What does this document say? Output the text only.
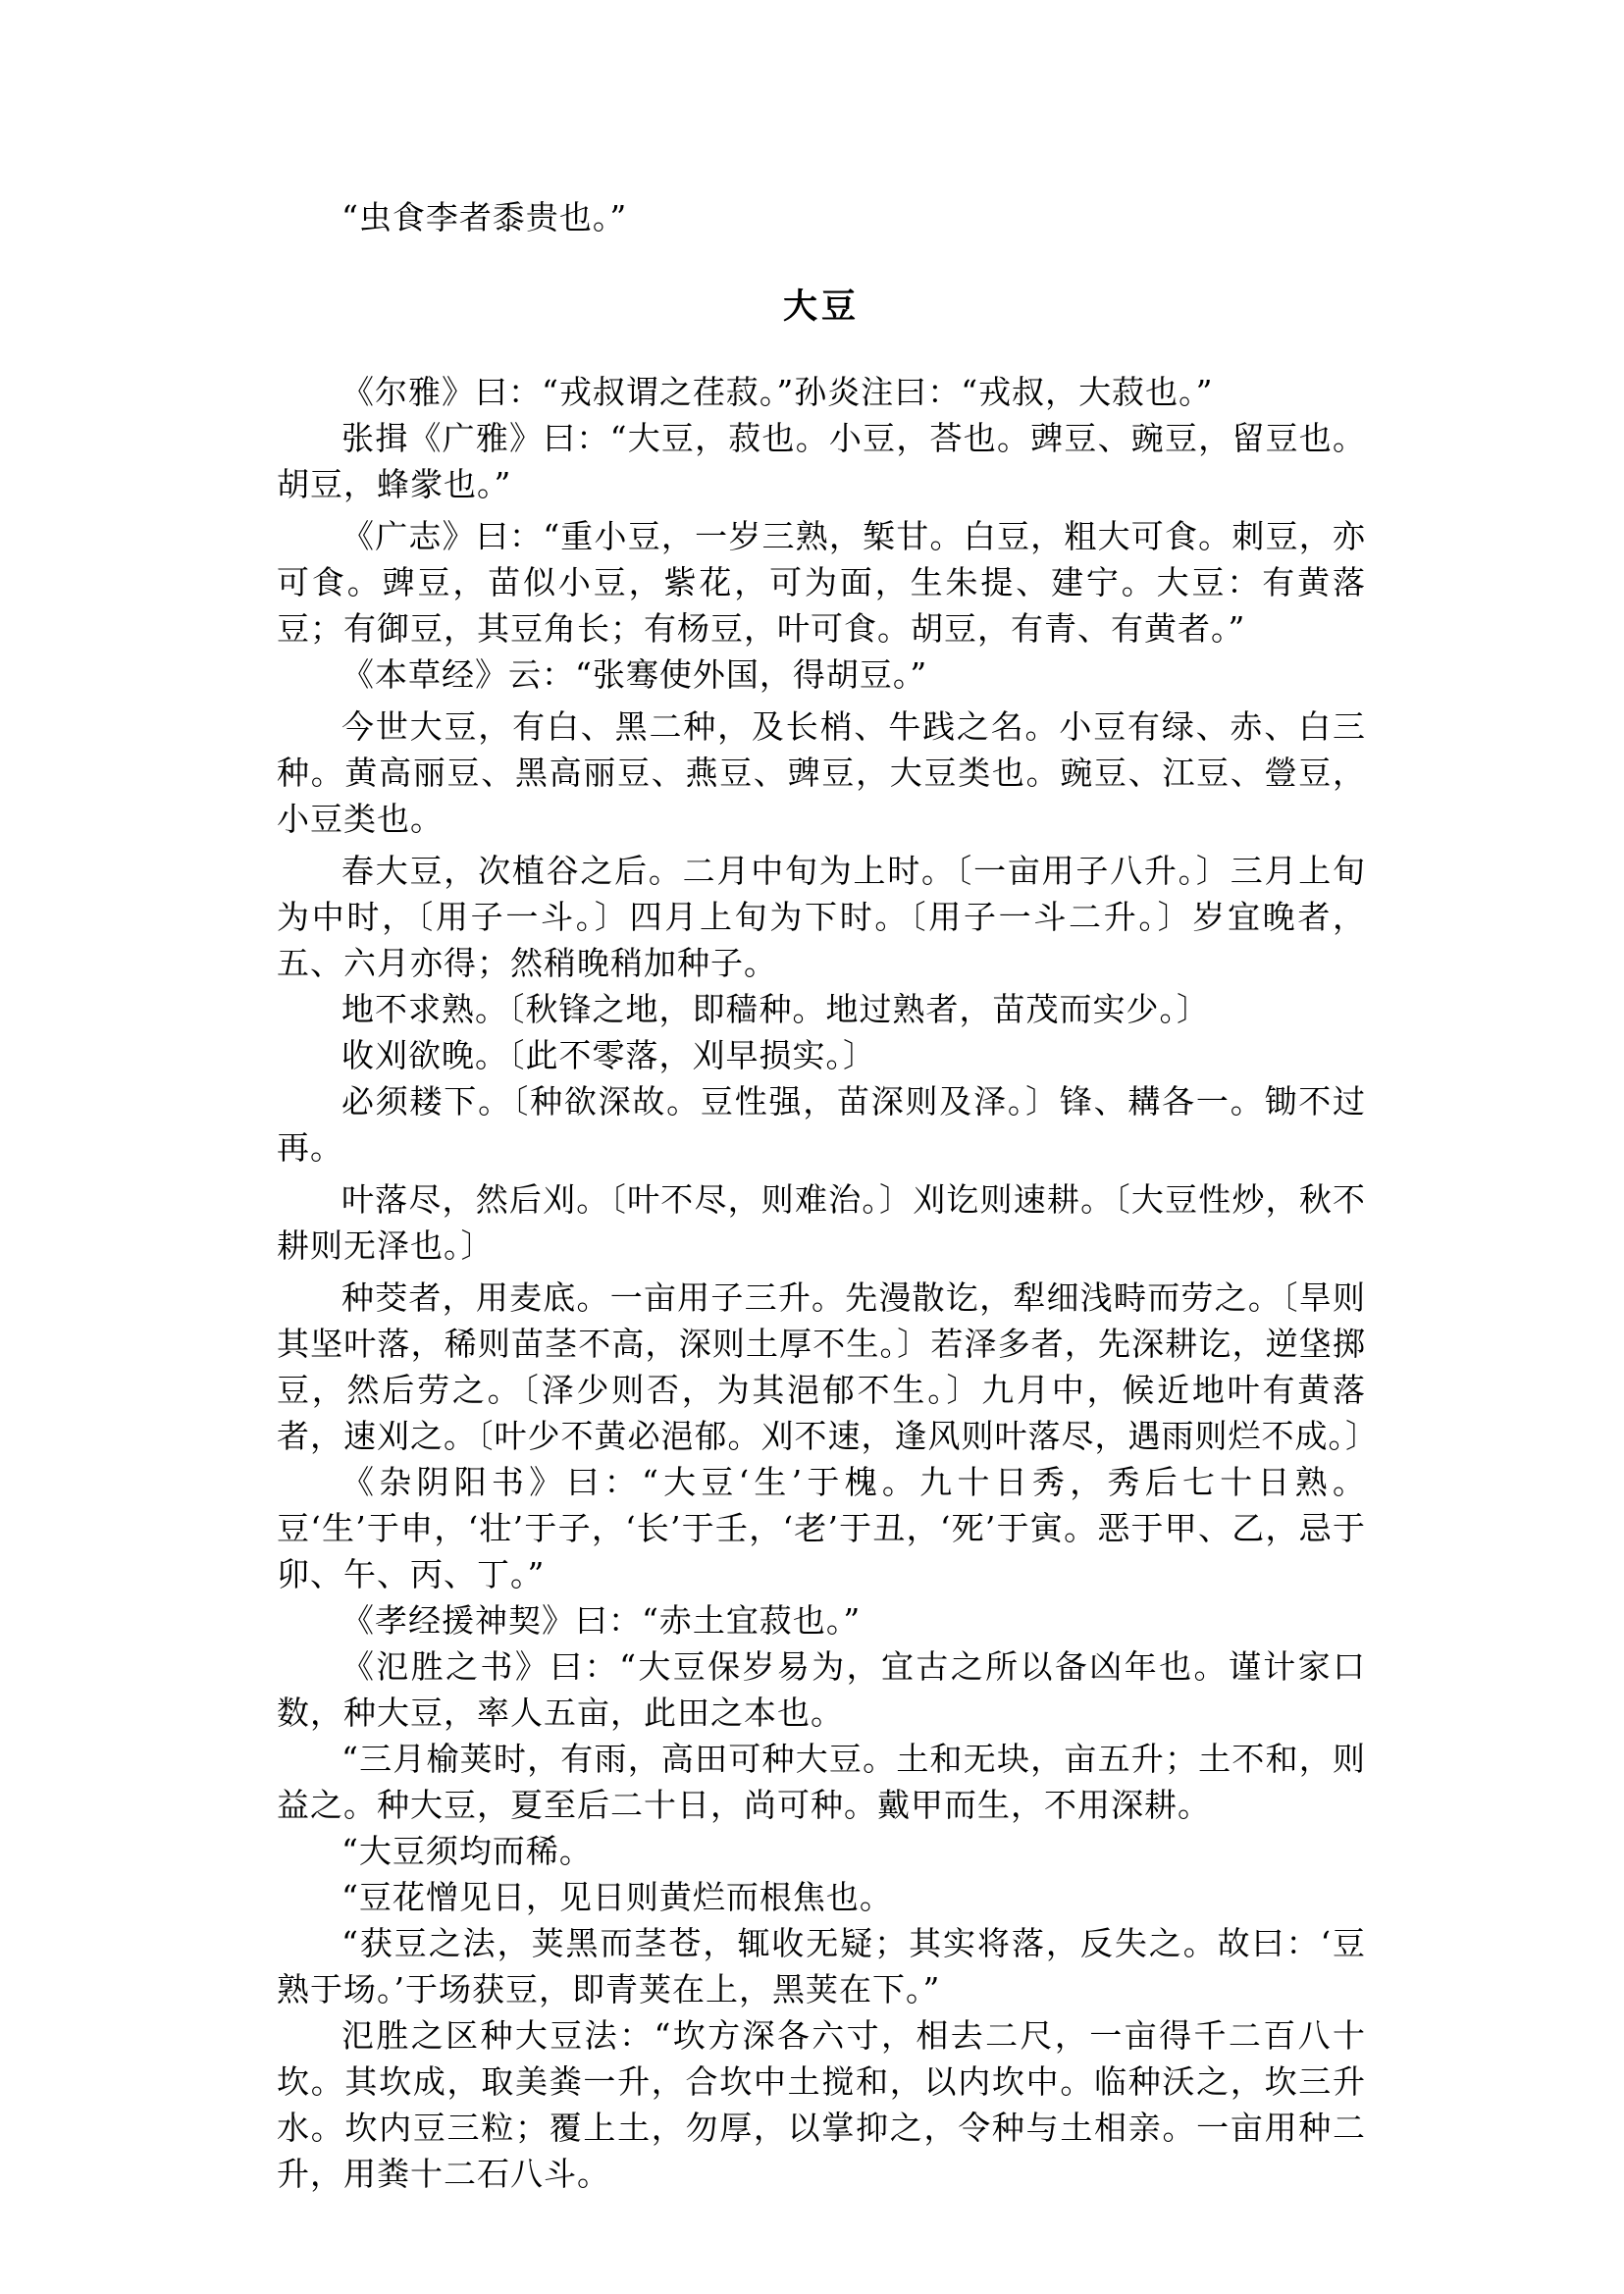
“虫食李者黍贵也。”

大豆

《尔雅》曰：“戎叔谓之荏菽。”孙炎注曰：“戎叔，大菽也。”

张揖《广雅》曰：“大豆，菽也。小豆，荅也。豍豆、豌豆，留豆也。胡豆，蜂䝉也。”

《广志》曰：“重小豆，一岁三熟，椠甘。白豆，粗大可食。刺豆，亦可食。豍豆，苗似小豆，紫花，可为面，生朱提、建宁。大豆：有黄落豆；有御豆，其豆角长；有杨豆，叶可食。胡豆，有青、有黄者。”

《本草经》云：“张骞使外国，得胡豆。”

今世大豆，有白、黑二种，及长梢、牛践之名。小豆有绿、赤、白三种。黄高丽豆、黑高丽豆、燕豆、豍豆，大豆类也。豌豆、江豆、䝁豆，小豆类也。

春大豆，次植谷之后。二月中旬为上时。〔一亩用子八升。〕三月上旬为中时，〔用子一斗。〕四月上旬为下时。〔用子一斗二升。〕岁宜晚者，五、六月亦得；然稍晚稍加种子。

地不求熟。〔秋锋之地，即穑种。地过熟者，苗茂而实少。〕

收刈欲晚。〔此不零落，刈早损实。〕

必须耧下。〔种欲深故。豆性强，苗深则及泽。〕锋、耩各一。锄不过再。

叶落尽，然后刈。〔叶不尽，则难治。〕刈讫则速耕。〔大豆性炒，秋不耕则无泽也。〕

种茭者，用麦底。一亩用子三升。先漫散讫，犁细浅畤而劳之。〔旱则其坚叶落，稀则苗茎不高，深则土厚不生。〕若泽多者，先深耕讫，逆垡掷豆，然后劳之。〔泽少则否，为其浥郁不生。〕九月中，候近地叶有黄落者，速刈之。〔叶少不黄必浥郁。刈不速，逢风则叶落尽，遇雨则烂不成。〕

《杂阴阳书》曰：“大豆‘生’于槐。九十日秀，秀后七十日熟。豆‘生’于申，‘壮’于子，‘长’于壬，‘老’于丑，‘死’于寅。恶于甲、乙，忌于卯、午、丙、丁。”

《孝经援神契》曰：“赤土宜菽也。”

《氾胜之书》曰：“大豆保岁易为，宜古之所以备凶年也。谨计家口数，种大豆，率人五亩，此田之本也。

“三月榆荚时，有雨，高田可种大豆。土和无块，亩五升；土不和，则益之。种大豆，夏至后二十日，尚可种。戴甲而生，不用深耕。

“大豆须均而稀。

“豆花憎见日，见日则黄烂而根焦也。

“获豆之法，荚黑而茎苍，辄收无疑；其实将落，反失之。故曰：‘豆熟于场。’于场获豆，即青荚在上，黑荚在下。”

氾胜之区种大豆法：“坎方深各六寸，相去二尺，一亩得千二百八十坎。其坎成，取美粪一升，合坎中土搅和，以内坎中。临种沃之，坎三升水。坎内豆三粒；覆上土，勿厚，以掌抑之，令种与土相亲。一亩用种二升，用粪十二石八斗。
